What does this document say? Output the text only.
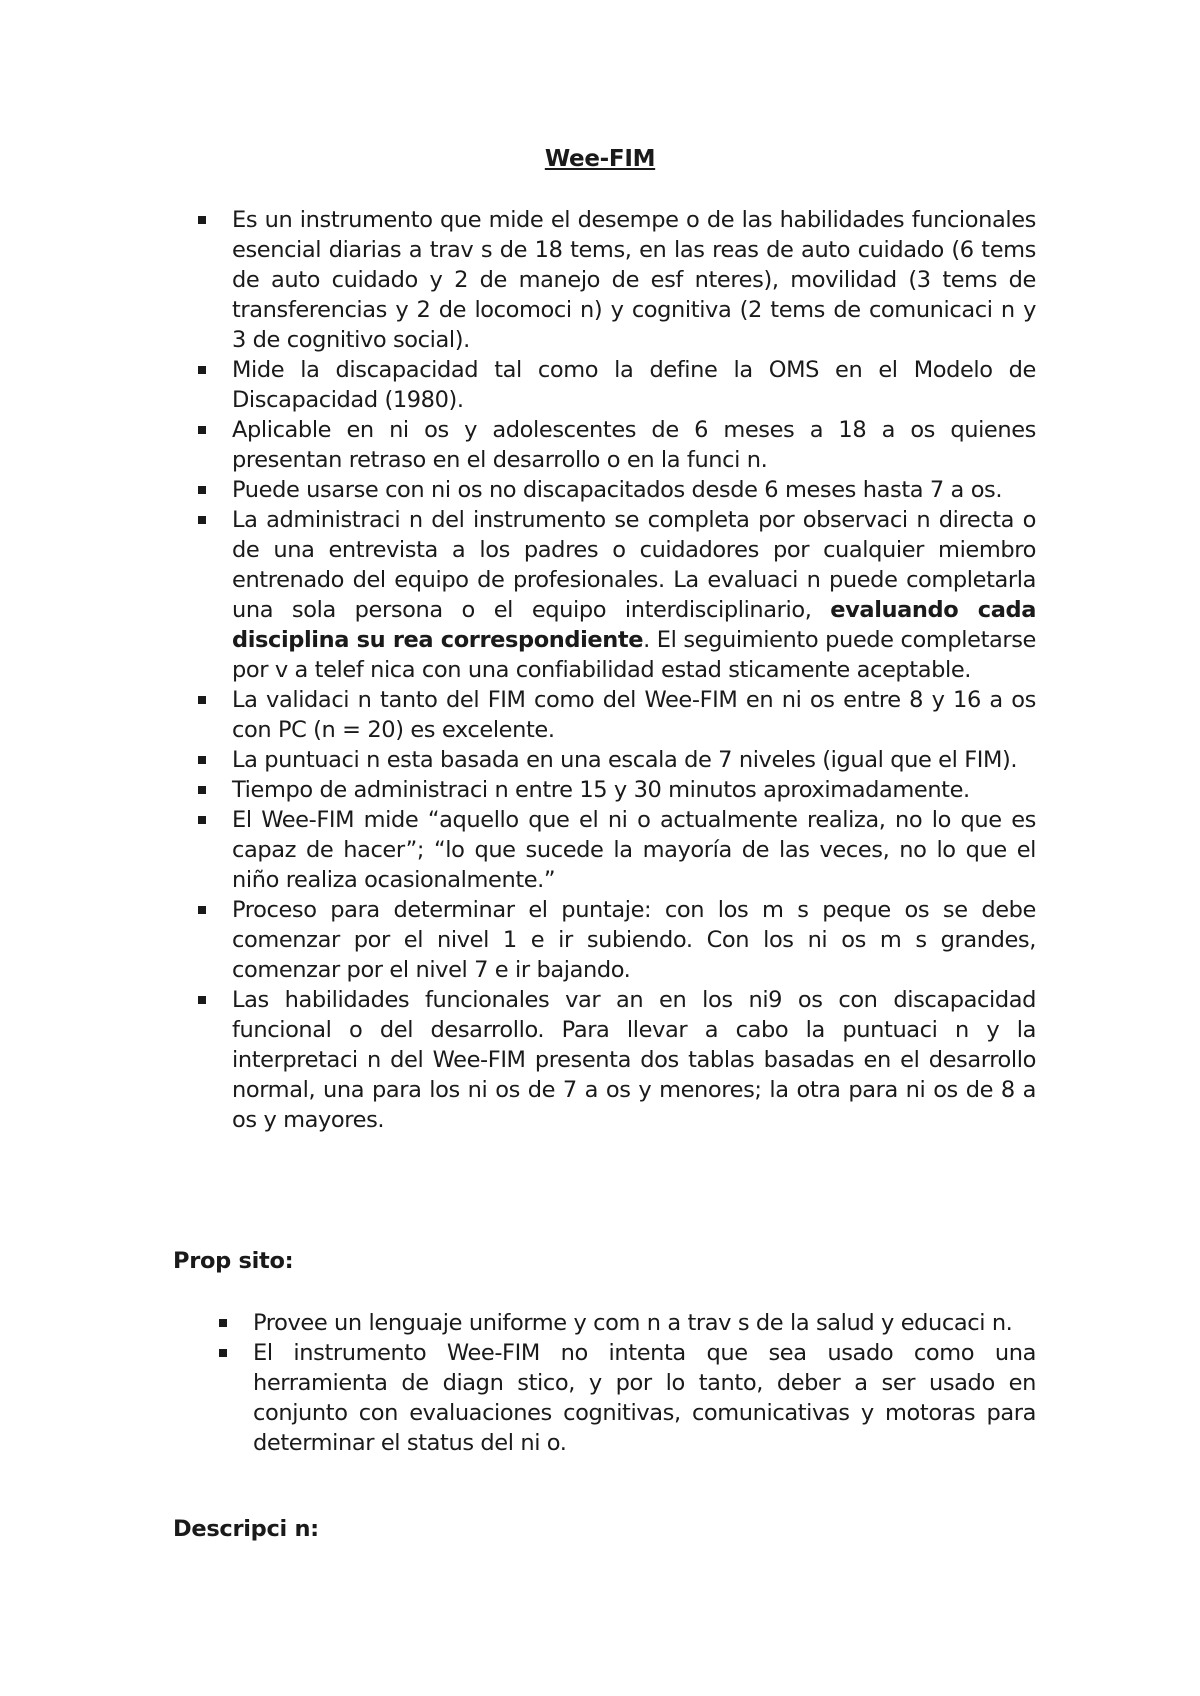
Wee-FIM
Es un instrumento que mide el desempe o de las habilidades funcionales esencial diarias a trav s de 18 tems, en las reas de auto cuidado (6 tems de auto cuidado y 2 de manejo de esf nteres), movilidad (3 tems de transferencias y 2 de locomoci n) y cognitiva (2 tems de comunicaci n y 3 de cognitivo social).
Mide la discapacidad tal como la define la OMS en el Modelo de Discapacidad (1980).
Aplicable en ni os y adolescentes de 6 meses a 18 a os quienes presentan retraso en el desarrollo o en la funci n.
Puede usarse con ni os no discapacitados desde 6 meses hasta 7 a os.
La administraci n del instrumento se completa por observaci n directa o de una entrevista a los padres o cuidadores por cualquier miembro entrenado del equipo de profesionales. La evaluaci n puede completarla una sola persona o el equipo interdisciplinario, evaluando cada disciplina su rea correspondiente. El seguimiento puede completarse por v a telef nica con una confiabilidad estad sticamente aceptable.
La validaci n tanto del FIM como del Wee-FIM en ni os entre 8 y 16 a os con PC (n = 20) es excelente.
La puntuaci n esta basada en una escala de 7 niveles (igual que el FIM).
Tiempo de administraci n entre 15 y 30 minutos aproximadamente.
El Wee-FIM mide “aquello que el ni o actualmente realiza, no lo que es capaz de hacer”; “lo que sucede la mayoría de las veces, no lo que el niño realiza ocasionalmente.”
Proceso para determinar el puntaje: con los m s peque os se debe comenzar por el nivel 1 e ir subiendo. Con los ni os m s grandes, comenzar por el nivel 7 e ir bajando.
Las habilidades funcionales var an en los ni9 os con discapacidad funcional o del desarrollo. Para llevar a cabo la puntuaci n y la interpretaci n del Wee-FIM presenta dos tablas basadas en el desarrollo normal, una para los ni os de 7 a os y menores; la otra para ni os de 8 a os y mayores.
Prop sito:
Provee un lenguaje uniforme y com n a trav s de la salud y educaci n.
El instrumento Wee-FIM no intenta que sea usado como una herramienta de diagn stico, y por lo tanto, deber a ser usado en conjunto con evaluaciones cognitivas, comunicativas y motoras para determinar el status del ni o.
Descripci n:
